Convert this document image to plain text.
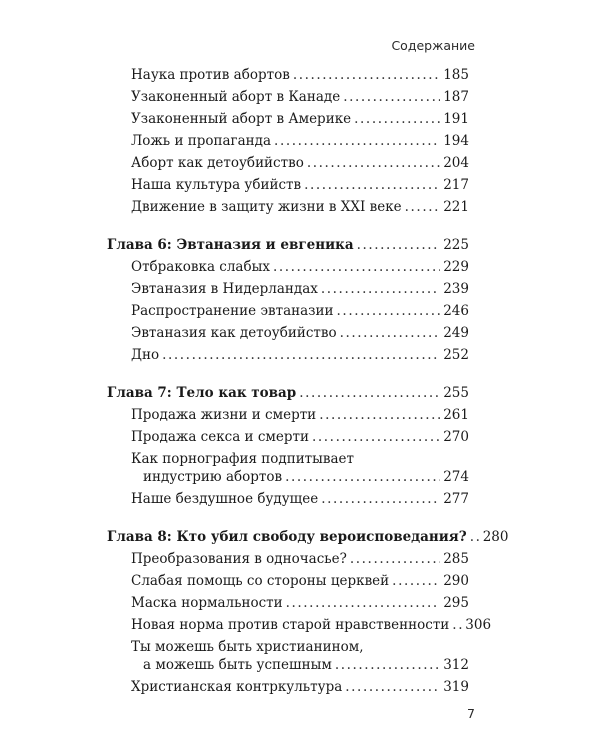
Содержание
Наука против абортов .....	185
Узаконенный аборт в Канаде .....	187
Узаконенный аборт в Америке .....	191
Ложь и пропаганда .....	194
Аборт как детоубийство .....	204
Наша культура убийств .....	217
Движение в защиту жизни в XXI веке .....	221
Глава 6: Эвтаназия и евгеника .....	225
Отбраковка слабых .....	229
Эвтаназия в Нидерландах .....	239
Распространение эвтаназии .....	246
Эвтаназия как детоубийство .....	249
Дно .....	252
Глава 7: Тело как товар .....	255
Продажа жизни и смерти .....	261
Продажа секса и смерти .....	270
Как порнография подпитывает
индустрию абортов .....	274
Наше бездушное будущее .....	277
Глава 8: Кто убил свободу вероисповедания? ..... 280
Преобразования в одночасье? .....	285
Слабая помощь со стороны церквей .....	290
Маска нормальности .....	295
Новая норма против старой нравственности ..... 306
Ты можешь быть христианином,
а можешь быть успешным .....	312
Христианская контркультура .....	319
7
